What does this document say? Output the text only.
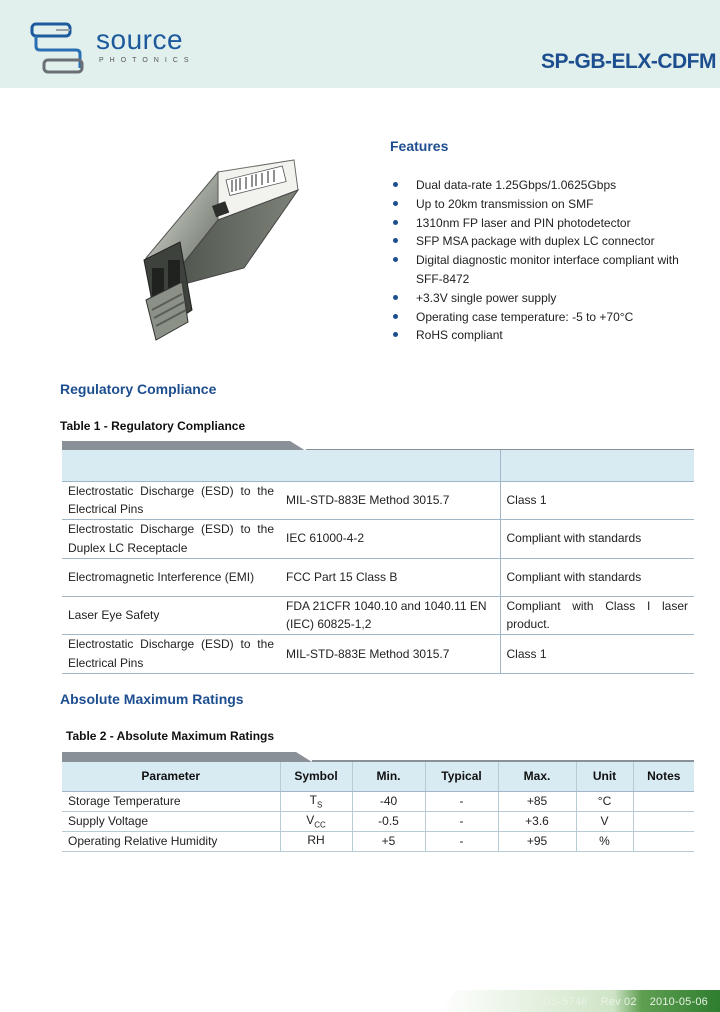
source
PHOTONICS	SP-GB-ELX-CDFM
Features
Dual data-rate 1.25Gbps/1.0625Gbps
Up to 20km transmission on SMF
1310nm FP laser and PIN photodetector
SFP MSA package with duplex LC connector
Digital diagnostic monitor interface compliant with SFF-8472
+3.3V single power supply
Operating case temperature: -5 to +70°C
RoHS compliant
Regulatory Compliance
Table 1 - Regulatory Compliance

Electrostatic Discharge (ESD) to the Electrical Pins	MIL-STD-883E Method 3015.7	Class 1
Electrostatic Discharge (ESD) to the Duplex LC Receptacle	IEC 61000-4-2	Compliant with standards
Electromagnetic Interference (EMI)	FCC Part 15 Class B	Compliant with standards
Laser Eye Safety	FDA 21CFR 1040.10 and 1040.11 EN (IEC) 60825-1,2	Compliant with Class I laser product.
Electrostatic Discharge (ESD) to the Electrical Pins	MIL-STD-883E Method 3015.7	Class 1
Absolute Maximum Ratings
Table 2 - Absolute Maximum Ratings
Parameter	Symbol	Min.	Typical	Max.	Unit	Notes
Storage Temperature	$T_S$	-40	-	+85	°C	
Supply Voltage	$V_{CC}$	-0.5	-	+3.6	V	
Operating Relative Humidity	RH	+5	-	+95	%	
DS-5748 Rev 02 2010-05-06
